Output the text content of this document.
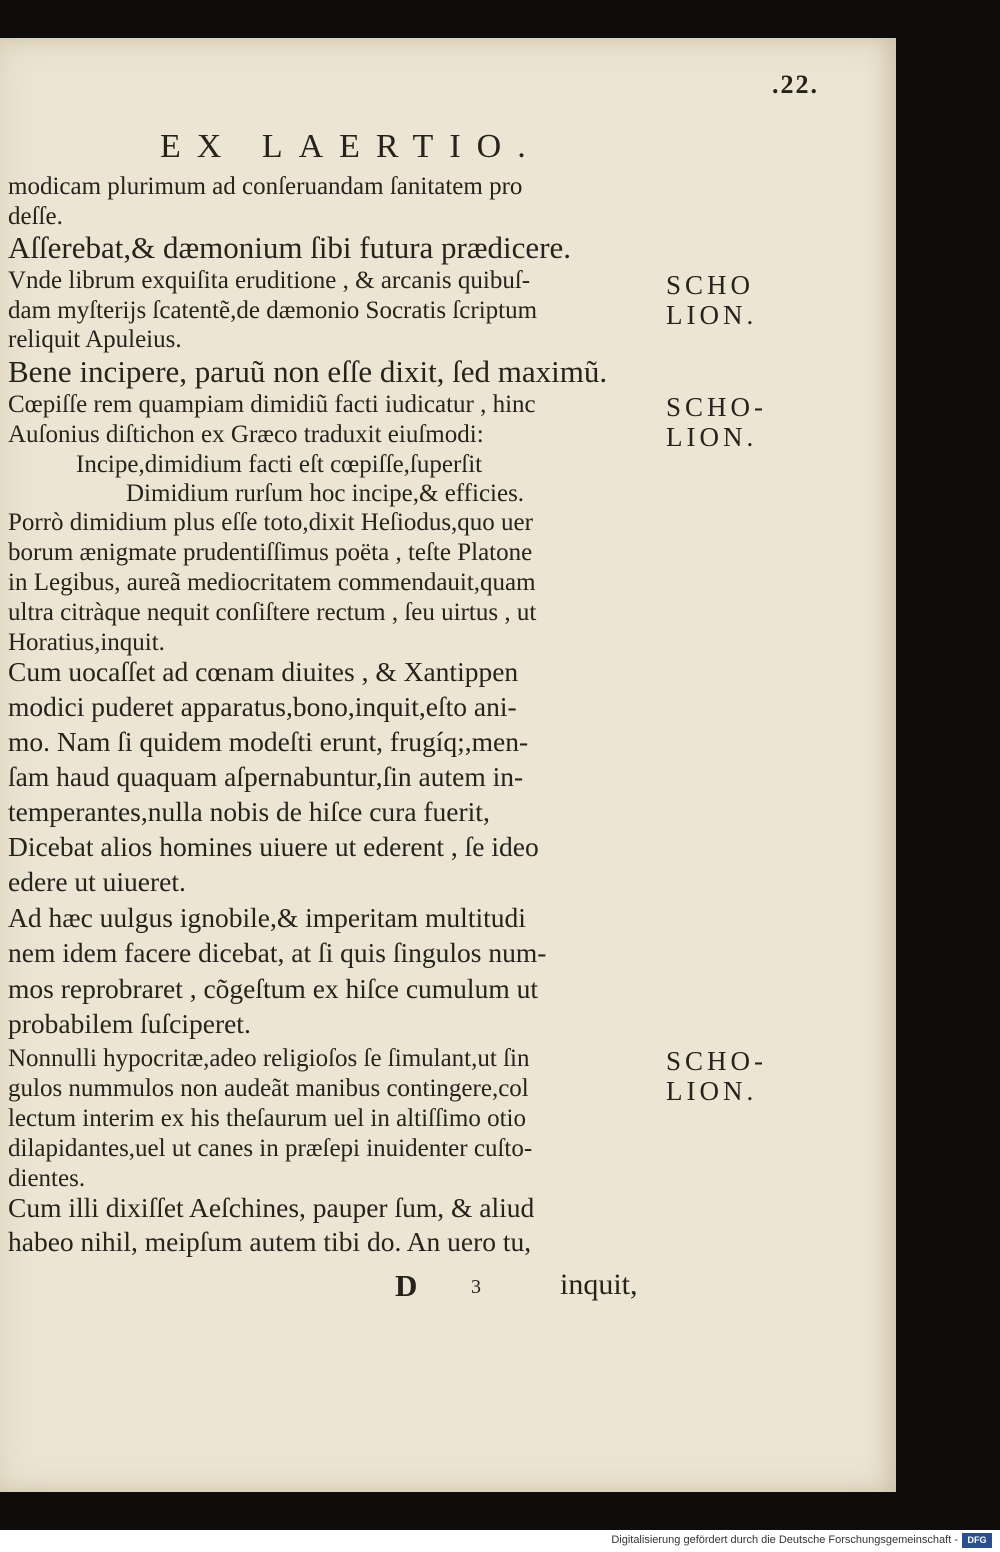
.22.
EX LAERTIO.
modicam plurimum ad conſeruandam ſanitatem pro
deſſe.
Aſſerebat,& dæmonium ſibi futura prædicere.
Vnde librum exquiſita eruditione , & arcanis quibuſ-
dam myſterijs ſcatentẽ,de dæmonio Socratis ſcriptum
reliquit Apuleius.
Bene incipere, paruũ non eſſe dixit, ſed maximũ.
Cœpiſſe rem quampiam dimidiũ facti iudicatur , hinc
Auſonius diſtichon ex Græco traduxit eiuſmodi:
Incipe,dimidium facti eſt cœpiſſe,ſuperſit
Dimidium rurſum hoc incipe,& efficies.
Porrò dimidium plus eſſe toto,dixit Heſiodus,quo uer
borum ænigmate prudentiſſimus poëta , teſte Platone
in Legibus, aureã mediocritatem commendauit,quam
ultra citràque nequit conſiſtere rectum , ſeu uirtus , ut
Horatius,inquit.
Cum uocaſſet ad cœnam diuites , & Xantippen
modici puderet apparatus,bono,inquit,eſto ani-
mo. Nam ſi quidem modeſti erunt, frugíq;,men-
ſam haud quaquam aſpernabuntur,ſin autem in-
temperantes,nulla nobis de hiſce cura fuerit,
Dicebat alios homines uiuere ut ederent , ſe ideo
edere ut uiueret.
Ad hæc uulgus ignobile,& imperitam multitudi
nem idem facere dicebat, at ſi quis ſingulos num-
mos reprobraret , cõgeſtum ex hiſce cumulum ut
probabilem ſuſciperet.
Nonnulli hypocritæ,adeo religioſos ſe ſimulant,ut ſin
gulos nummulos non audeãt manibus contingere,col
lectum interim ex his theſaurum uel in altiſſimo otio
dilapidantes,uel ut canes in præſepi inuidenter cuſto-
dientes.
Cum illi dixiſſet Aeſchines, pauper ſum, & aliud
habeo nihil, meipſum autem tibi do. An uero tu,
SCHO
LION.
SCHO-
LION.
SCHO-
LION.
D	3	inquit,
Digitalisierung gefördert durch die Deutsche Forschungsgemeinschaft -	DFG
